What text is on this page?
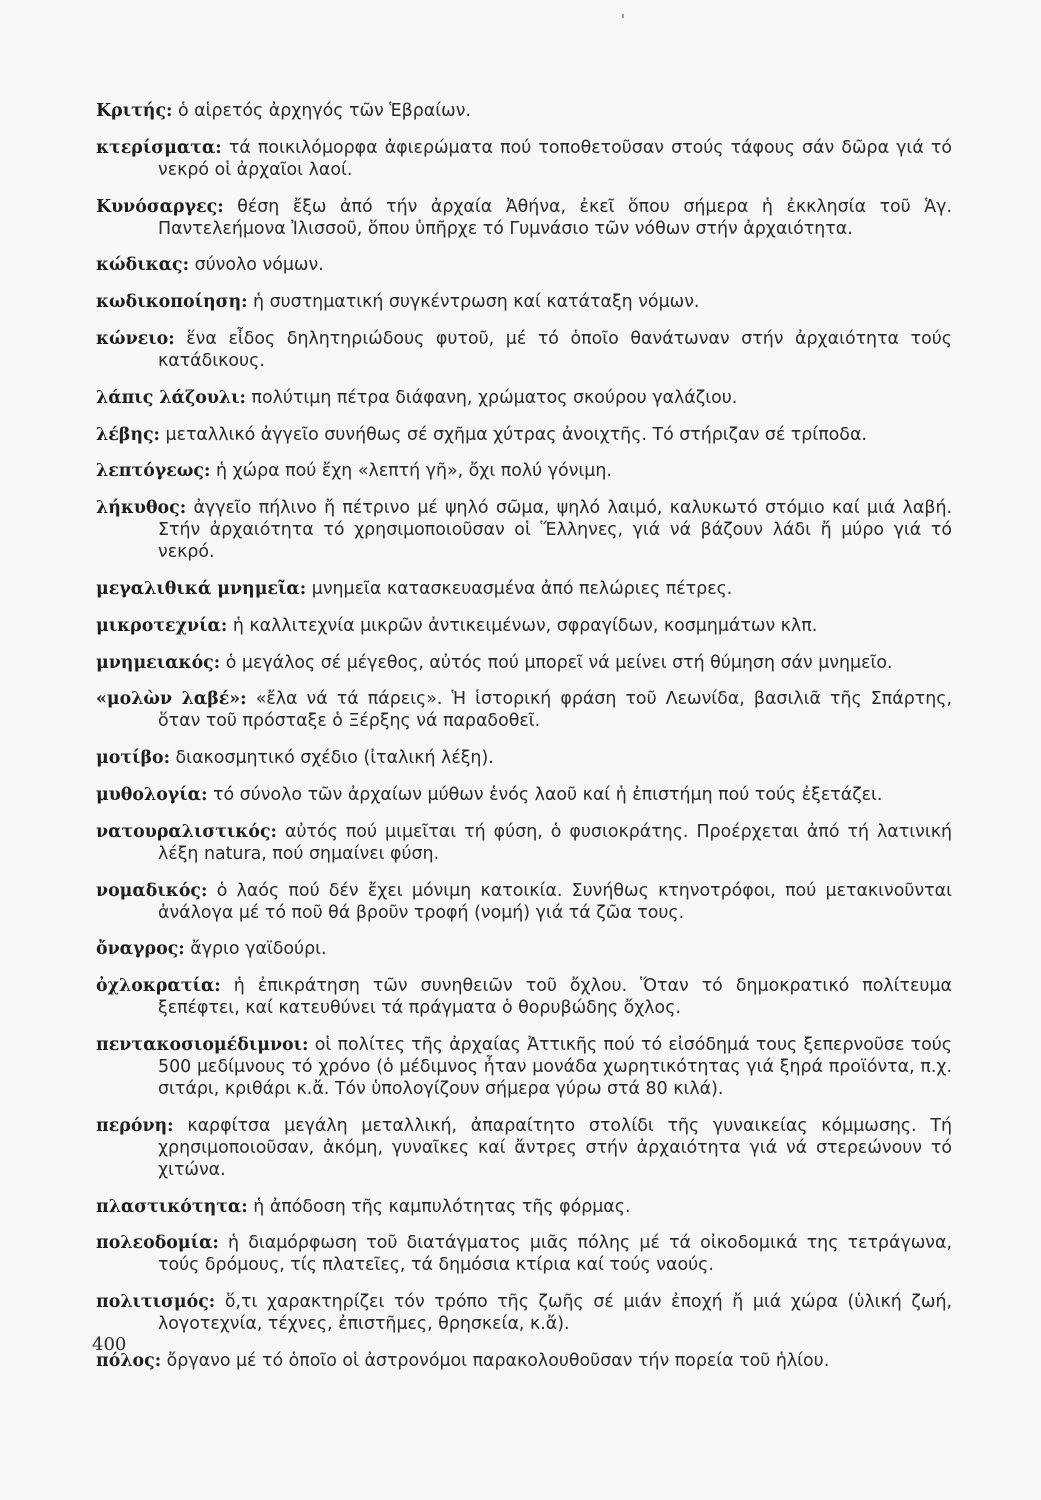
Κριτής: ὁ αἱρετός ἀρχηγός τῶν Ἑβραίων.

κτερίσματα: τά ποικιλόμορφα ἀφιερώματα πού τοποθετοῦσαν στούς τάφους σάν δῶρα γιά τό νεκρό οἱ ἀρχαῖοι λαοί.

Κυνόσαργες: θέση ἔξω ἀπό τήν ἀρχαία Ἀθήνα, ἐκεῖ ὅπου σήμερα ἡ ἐκκλησία τοῦ Ἁγ. Παντελεήμονα Ἰλισσοῦ, ὅπου ὑπῆρχε τό Γυμνάσιο τῶν νόθων στήν ἀρχαιότητα.

κώδικας: σύνολο νόμων.

κωδικοποίηση: ἡ συστηματική συγκέντρωση καί κατάταξη νόμων.

κώνειο: ἕνα εἶδος δηλητηριώδους φυτοῦ, μέ τό ὁποῖο θανάτωναν στήν ἀρχαιότητα τούς κατάδικους.

λάπις λάζουλι: πολύτιμη πέτρα διάφανη, χρώματος σκούρου γαλάζιου.

λέβης: μεταλλικό ἀγγεῖο συνήθως σέ σχῆμα χύτρας ἀνοιχτῆς. Τό στήριζαν σέ τρίποδα.

λεπτόγεως: ἡ χώρα πού ἔχη «λεπτή γῆ», ὄχι πολύ γόνιμη.

λήκυθος: ἀγγεῖο πήλινο ἤ πέτρινο μέ ψηλό σῶμα, ψηλό λαιμό, καλυκωτό στόμιο καί μιά λαβή. Στήν ἀρχαιότητα τό χρησιμοποιοῦσαν οἱ Ἕλληνες, γιά νά βάζουν λάδι ἤ μύρο γιά τό νεκρό.

μεγαλιθικά μνημεῖα: μνημεῖα κατασκευασμένα ἀπό πελώριες πέτρες.

μικροτεχνία: ἡ καλλιτεχνία μικρῶν ἀντικειμένων, σφραγίδων, κοσμημάτων κλπ.

μνημειακός: ὁ μεγάλος σέ μέγεθος, αὐτός πού μπορεῖ νά μείνει στή θύμηση σάν μνημεῖο.

«μολὼν λαβέ»: «ἔλα νά τά πάρεις». Ἡ ἱστορική φράση τοῦ Λεωνίδα, βασιλιᾶ τῆς Σπάρτης, ὅταν τοῦ πρόσταξε ὁ Ξέρξης νά παραδοθεῖ.

μοτίβο: διακοσμητικό σχέδιο (ἰταλική λέξη).

μυθολογία: τό σύνολο τῶν ἀρχαίων μύθων ἑνός λαοῦ καί ἡ ἐπιστήμη πού τούς ἐξετάζει.

νατουραλιστικός: αὐτός πού μιμεῖται τή φύση, ὁ φυσιοκράτης. Προέρχεται ἀπό τή λατινική λέξη natura, πού σημαίνει φύση.

νομαδικός: ὁ λαός πού δέν ἔχει μόνιμη κατοικία. Συνήθως κτηνοτρόφοι, πού μετακινοῦνται ἀνάλογα μέ τό ποῦ θά βροῦν τροφή (νομή) γιά τά ζῶα τους.

ὄναγρος: ἄγριο γαϊδούρι.

ὀχλοκρατία: ἡ ἐπικράτηση τῶν συνηθειῶν τοῦ ὄχλου. Ὅταν τό δημοκρατικό πολίτευμα ξεπέφτει, καί κατευθύνει τά πράγματα ὁ θορυβώδης ὄχλος.

πεντακοσιομέδιμνοι: οἱ πολίτες τῆς ἀρχαίας Ἀττικῆς πού τό εἰσόδημά τους ξεπερνοῦσε τούς 500 μεδίμνους τό χρόνο (ὁ μέδιμνος ἦταν μονάδα χωρητικότητας γιά ξηρά προϊόντα, π.χ. σιτάρι, κριθάρι κ.ἄ. Τόν ὑπολογίζουν σήμερα γύρω στά 80 κιλά).

περόνη: καρφίτσα μεγάλη μεταλλική, ἀπαραίτητο στολίδι τῆς γυναικείας κόμμωσης. Τή χρησιμοποιοῦσαν, ἀκόμη, γυναῖκες καί ἄντρες στήν ἀρχαιότητα γιά νά στερεώνουν τό χιτώνα.

πλαστικότητα: ἡ ἀπόδοση τῆς καμπυλότητας τῆς φόρμας.

πολεοδομία: ἡ διαμόρφωση τοῦ διατάγματος μιᾶς πόλης μέ τά οἰκοδομικά της τετράγωνα, τούς δρόμους, τίς πλατεῖες, τά δημόσια κτίρια καί τούς ναούς.

πολιτισμός: ὅ,τι χαρακτηρίζει τόν τρόπο τῆς ζωῆς σέ μιάν ἐποχή ἤ μιά χώρα (ὑλική ζωή, λογοτεχνία, τέχνες, ἐπιστῆμες, θρησκεία, κ.ἄ).

πόλος: ὄργανο μέ τό ὁποῖο οἱ ἀστρονόμοι παρακολουθοῦσαν τήν πορεία τοῦ ἡλίου.

400
